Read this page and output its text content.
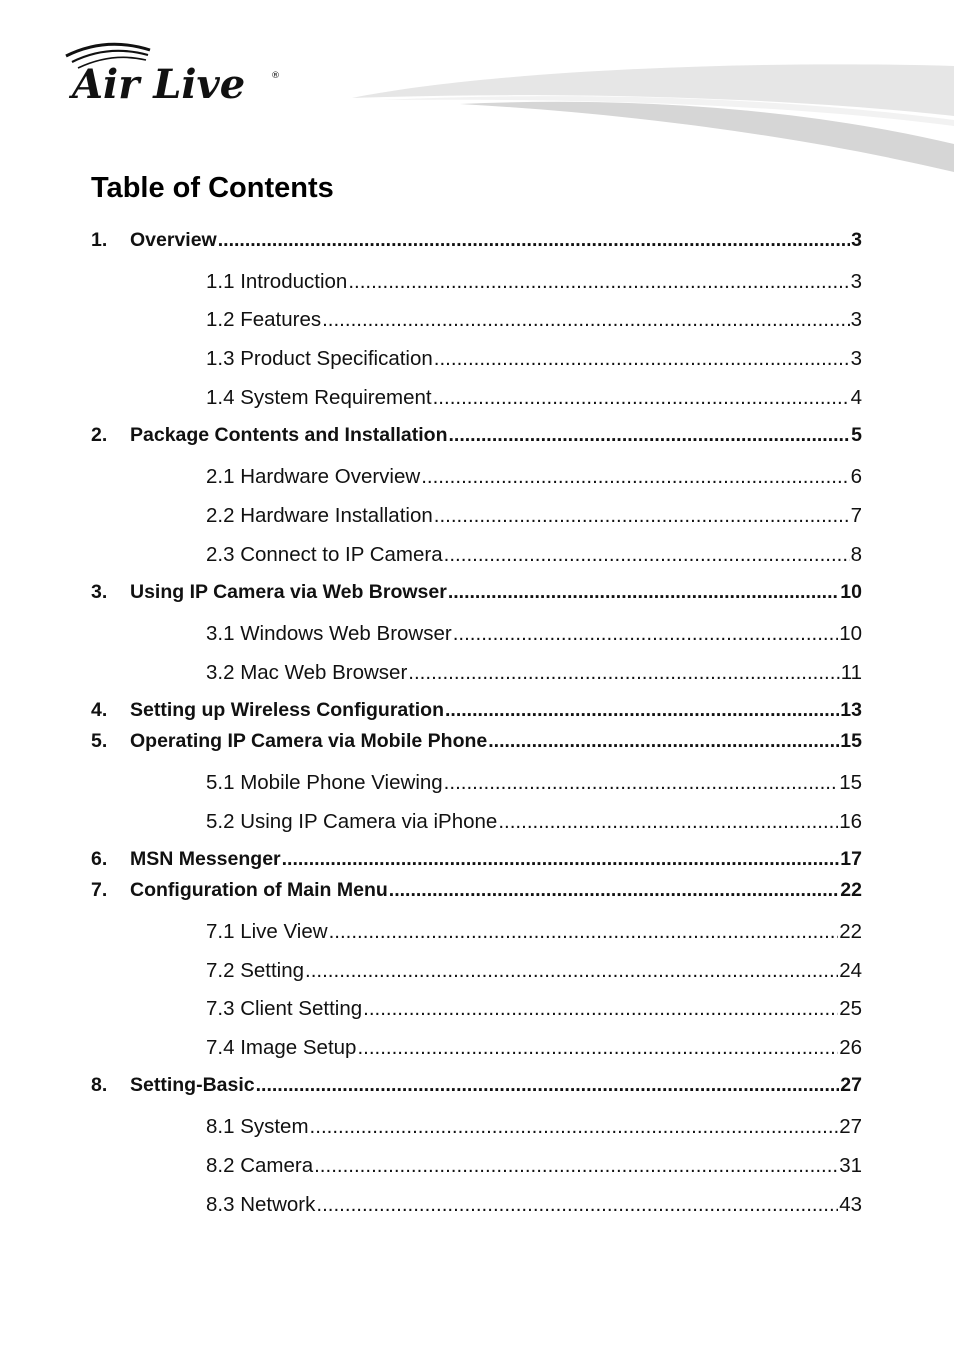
Air Live	®
Table of Contents
1.	Overview .....	3
1.1 Introduction .....	3
1.2 Features .....	3
1.3 Product Specification .....	3
1.4 System Requirement .....	4
2.	Package Contents and Installation .....	5
2.1 Hardware Overview .....	6
2.2 Hardware Installation .....	7
2.3 Connect to IP Camera .....	8
3.	Using IP Camera via Web Browser .....	10
3.1 Windows Web Browser .....	10
3.2 Mac Web Browser .....	11
4.	Setting up Wireless Configuration .....	13
5.	Operating IP Camera via Mobile Phone .....	15
5.1 Mobile Phone Viewing .....	15
5.2 Using IP Camera via iPhone .....	16
6.	MSN Messenger .....	17
7.	Configuration of Main Menu .....	22
7.1 Live View .....	22
7.2 Setting .....	24
7.3 Client Setting .....	25
7.4 Image Setup .....	26
8.	Setting-Basic .....	27
8.1 System .....	27
8.2 Camera .....	31
8.3 Network .....	43
